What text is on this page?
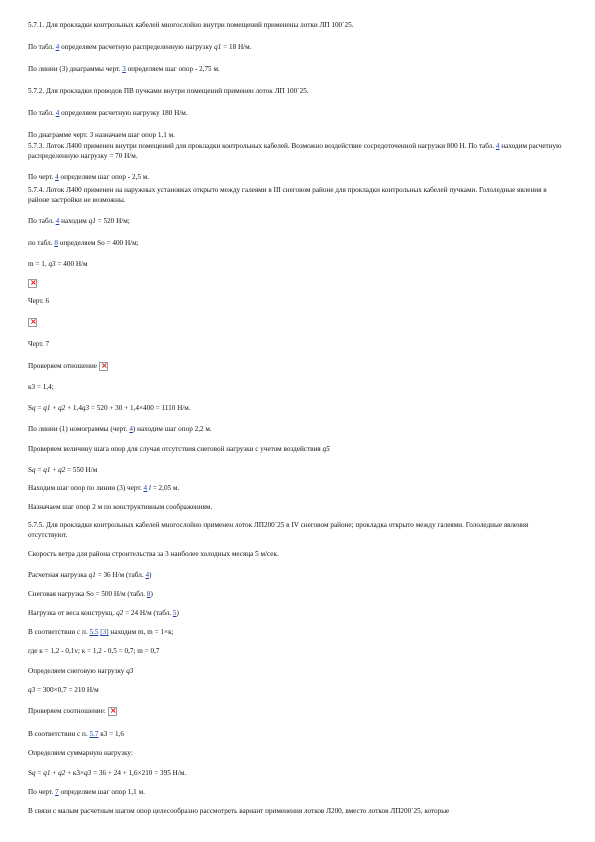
5.7.1. Для прокладки контрольных кабелей многослойно внутри помещений применены лотки ЛП 100´25.
По табл. 4 определяем расчетную распределенную нагрузку q1 = 18 Н/м.
По линии (3) диаграммы черт. 3 определяем шаг опор - 2,75 м.
5.7.2. Для прокладки проводов ПВ пучками внутри помещений применен лоток ЛП 100´25.
По табл. 4 определяем расчетную нагрузку 180 Н/м.
По диаграмме черт. 3 назначаем шаг опор 1,1 м.
5.7.3. Лоток Л400 применен внутри помещений для прокладки контрольных кабелей. Возможно воздействие сосредоточенной нагрузки 800 Н. По табл. 4 находим расчетную распределенную нагрузку = 70 Н/м.
По черт. 4 определяем шаг опор - 2,5 м.
5.7.4. Лоток Л400 применен на наружных установках открыто между галеями в III снеговом районе для прокладки контрольных кабелей пучками. Гололедные явления в районе застройки не возможны.
По табл. 4 находим q1 = 520 Н/м;
по табл. 8 определяем So = 400 Н/м;
m = 1, q3 = 400 Н/м
×
Черт. 6
×
Черт. 7
Проверяем отношение ×
к3 = 1,4;
Sq = q1 + q2 + 1,4q3 = 520 + 30 + 1,4×400 = 1110 Н/м.
По линии (1) номограммы (черт. 4) находим шаг опор 2,2 м.
Проверяем величину шага опор для случая отсутствия снеговой нагрузки с учетом воздействия q5
Sq = q1 + q2 = 550 Н/м
Находим шаг опор по линии (3) черт. 4 l = 2,05 м.
Назначаем шаг опор 2 м по конструктивным соображениям.
5.7.5. Для прокладки контрольных кабелей многослойно применен лоток ЛП200´25 в IV снеговом районе; прокладка открыто между галеями. Гололедные явления отсутствуют.
Скорость ветра для района строительства за 3 наиболее холодных месяца 5 м/сек.
Расчетная нагрузка q1 = 36 Н/м (табл. 4)
Снеговая нагрузка So = 500 Н/м (табл. 8)
Нагрузка от веса конструкц. q2 = 24 Н/м (табл. 5)
В соответствии с п. 5.5 [3] находим m, m = 1×к;
где к = 1,2 - 0,1v; к = 1,2 - 0,5 = 0,7; m = 0,7
Определяем снеговую нагрузку q3
q3 = 300×0,7 = 210 Н/м
Проверяем соотношение: ×
В соответствии с п. 5.7 к3 = 1,6
Определяем суммарную нагрузку:
Sq = q1 + q2 + к3×q3 = 36 + 24 + 1,6×210 = 395 Н/м.
По черт. 7 определяем шаг опор 1,1 м.
В связи с малым расчетным шагом опор целесообразно рассмотреть вариант применения лотков Л200, вместо лотков ЛП200´25, которые
